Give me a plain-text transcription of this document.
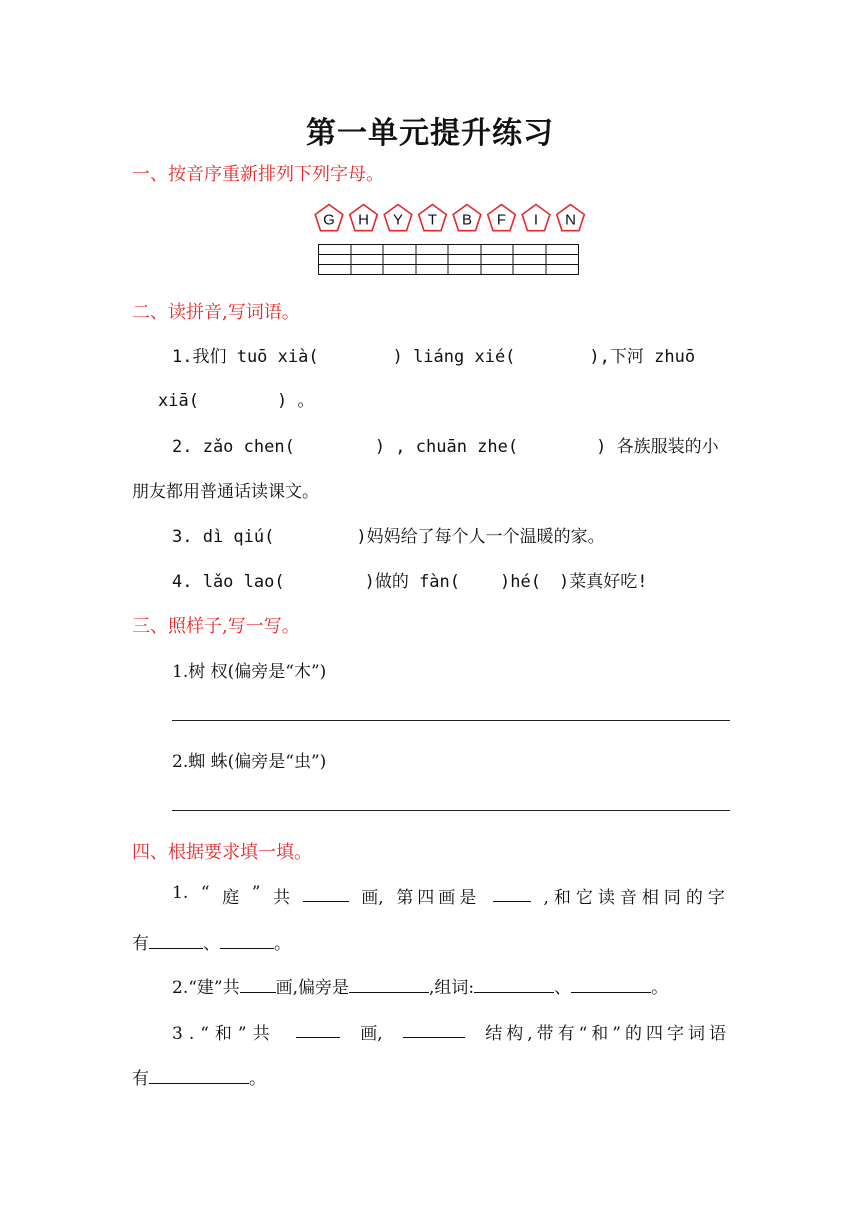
第一单元提升练习
一、按音序重新排列下列字母。
G H Y T B F I N
二、读拼音,写词语。
1.我们 tuō xià(	) liáng xié(	),下河 zhuō
xiā(	) 。
2. zǎo chen(	) , chuān zhe(	) 各族服装的小
朋友都用普通话读课文。
3. dì qiú(	)妈妈给了每个人一个温暖的家。
4. lǎo lao(	)做的 fàn( )hé( )菜真好吃!
三、照样子,写一写。
1.树 杈(偏旁是“木”)
2.蜘 蛛(偏旁是“虫”)
四、根据要求填一填。
1. “ 庭 ” 共	画, 第四画是	,和它读音相同的字
有	、	。
2.“建”共 画,偏旁是	,组词:	、	。
3.“和”共	画,	结构,带有“和”的四字词语
有	。
